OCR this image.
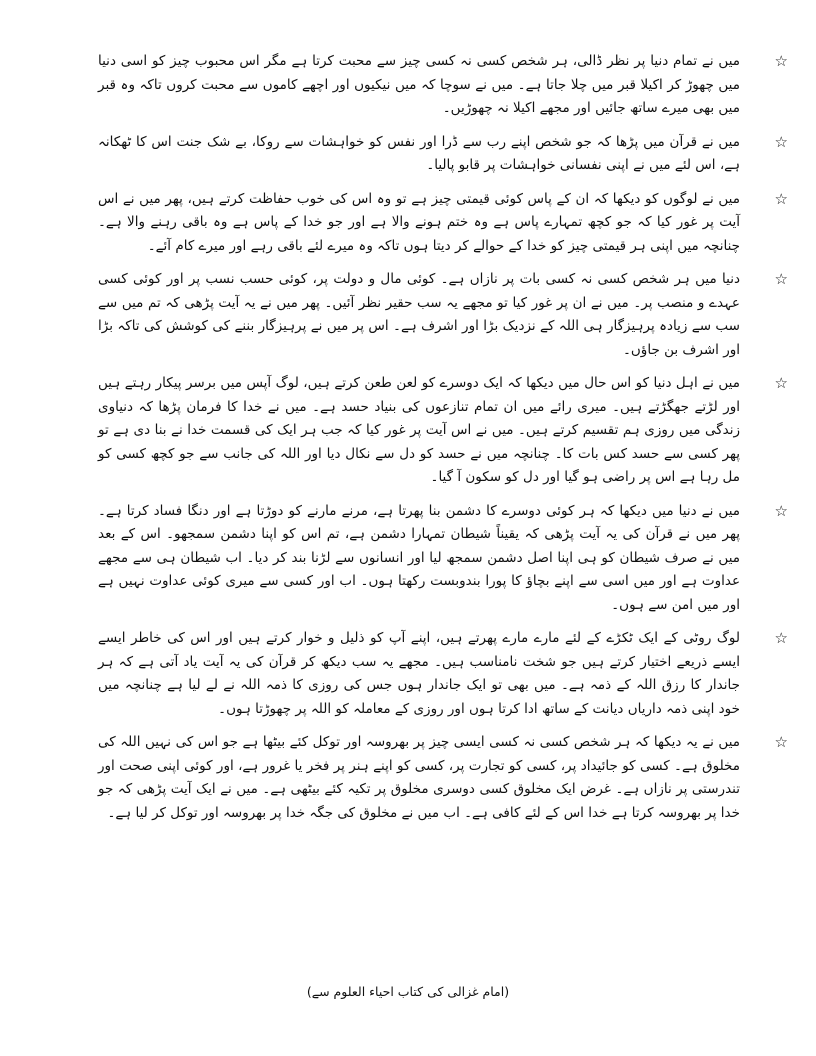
☆
میں نے تمام دنیا پر نظر ڈالی، ہر شخص کسی نہ کسی چیز سے محبت کرتا ہے مگر اس محبوب چیز کو اسی دنیا میں چھوڑ کر اکیلا قبر میں چلا جاتا ہے۔ میں نے سوچا کہ میں نیکیوں اور اچھے کاموں سے محبت کروں تاکہ وہ قبر میں بھی میرے ساتھ جائیں اور مجھے اکیلا نہ چھوڑیں۔
☆
میں نے قرآن میں پڑھا کہ جو شخص اپنے رب سے ڈرا اور نفس کو خواہشات سے روکا، بے شک جنت اس کا ٹھکانہ ہے، اس لئے میں نے اپنی نفسانی خواہشات پر قابو پالیا۔
☆
میں نے لوگوں کو دیکھا کہ ان کے پاس کوئی قیمتی چیز ہے تو وہ اس کی خوب حفاظت کرتے ہیں، پھر میں نے اس آیت پر غور کیا کہ جو کچھ تمہارے پاس ہے وہ ختم ہونے والا ہے اور جو خدا کے پاس ہے وہ باقی رہنے والا ہے۔ چنانچہ میں اپنی ہر قیمتی چیز کو خدا کے حوالے کر دیتا ہوں تاکہ وہ میرے لئے باقی رہے اور میرے کام آئے۔
☆
دنیا میں ہر شخص کسی نہ کسی بات پر نازاں ہے۔ کوئی مال و دولت پر، کوئی حسب نسب پر اور کوئی کسی عہدے و منصب پر۔ میں نے ان پر غور کیا تو مجھے یہ سب حقیر نظر آئیں۔ پھر میں نے یہ آیت پڑھی کہ تم میں سے سب سے زیادہ پرہیزگار ہی اللہ کے نزدیک بڑا اور اشرف ہے۔ اس پر میں نے پرہیزگار بننے کی کوشش کی تاکہ بڑا اور اشرف بن جاؤں۔
☆
میں نے اہل دنیا کو اس حال میں دیکھا کہ ایک دوسرے کو لعن طعن کرتے ہیں، لوگ آپس میں برسر پیکار رہتے ہیں اور لڑتے جھگڑتے ہیں۔ میری رائے میں ان تمام تنازعوں کی بنیاد حسد ہے۔ میں نے خدا کا فرمان پڑھا کہ دنیاوی زندگی میں روزی ہم تقسیم کرتے ہیں۔ میں نے اس آیت پر غور کیا کہ جب ہر ایک کی قسمت خدا نے بنا دی ہے تو پھر کسی سے حسد کس بات کا۔ چنانچہ میں نے حسد کو دل سے نکال دیا اور اللہ کی جانب سے جو کچھ کسی کو مل رہا ہے اس پر راضی ہو گیا اور دل کو سکون آ گیا۔
☆
میں نے دنیا میں دیکھا کہ ہر کوئی دوسرے کا دشمن بنا پھرتا ہے، مرنے مارنے کو دوڑتا ہے اور دنگا فساد کرتا ہے۔ پھر میں نے قرآن کی یہ آیت پڑھی کہ یقیناً شیطان تمہارا دشمن ہے، تم اس کو اپنا دشمن سمجھو۔ اس کے بعد میں نے صرف شیطان کو ہی اپنا اصل دشمن سمجھ لیا اور انسانوں سے لڑنا بند کر دیا۔ اب شیطان ہی سے مجھے عداوت ہے اور میں اسی سے اپنے بچاؤ کا پورا بندوبست رکھتا ہوں۔ اب اور کسی سے میری کوئی عداوت نہیں ہے اور میں امن سے ہوں۔
☆
لوگ روٹی کے ایک ٹکڑے کے لئے مارے مارے پھرتے ہیں، اپنے آپ کو ذلیل و خوار کرتے ہیں اور اس کی خاطر ایسے ایسے ذریعے اختیار کرتے ہیں جو شخت نامناسب ہیں۔ مجھے یہ سب دیکھ کر قرآن کی یہ آیت یاد آتی ہے کہ ہر جاندار کا رزق اللہ کے ذمہ ہے۔ میں بھی تو ایک جاندار ہوں جس کی روزی کا ذمہ اللہ نے لے لیا ہے چنانچہ میں خود اپنی ذمہ داریاں دیانت کے ساتھ ادا کرتا ہوں اور روزی کے معاملہ کو اللہ پر چھوڑتا ہوں۔
☆
میں نے یہ دیکھا کہ ہر شخص کسی نہ کسی ایسی چیز پر بھروسہ اور توکل کئے بیٹھا ہے جو اس کی نہیں اللہ کی مخلوق ہے۔ کسی کو جائیداد پر، کسی کو تجارت پر، کسی کو اپنے ہنر پر فخر یا غرور ہے، اور کوئی اپنی صحت اور تندرستی پر نازاں ہے۔ غرض ایک مخلوق کسی دوسری مخلوق پر تکیہ کئے بیٹھی ہے۔ میں نے ایک آیت پڑھی کہ جو خدا پر بھروسہ کرتا ہے خدا اس کے لئے کافی ہے۔ اب میں نے مخلوق کی جگہ خدا پر بھروسہ اور توکل کر لیا ہے۔
(امام غزالی کی کتاب احیاء العلوم سے)
